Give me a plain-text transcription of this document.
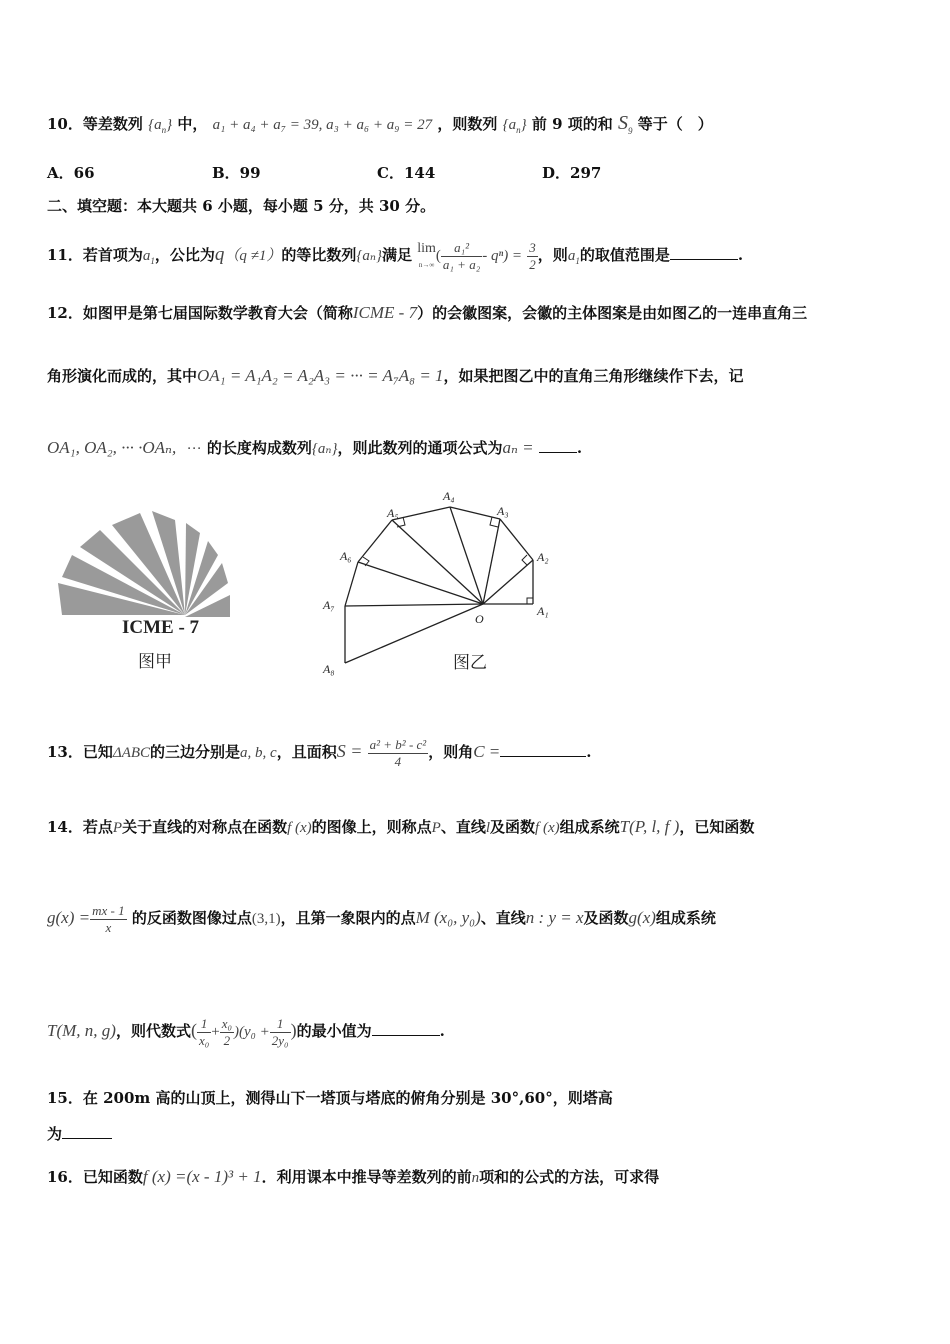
10．等差数列 $\{a_n\}$ 中， a₁ + a₄ + a₇ = 39, a₃ + a₆ + a₉ = 27 ，则数列 $\{a_n\}$ 前 9 项的和 $S_9$ 等于（　）
A．66	B．99	C．144	D．297
二、填空题：本大题共 6 小题，每小题 5 分，共 30 分。
11．若首项为$a_1$，公比为q（q ≠1）的等比数列{aₙ}满足 lim
$n\to\infty( \frac{\text{a₁²}}{\text{a₁ + a₂}} - q^n) = \frac{3}{2}$ ，则$a_1$的取值范围是	.
12．如图甲是第七届国际数学教育大会（简称ICME - 7）的会徽图案，会徽的主体图案是由如图乙的一连串直角三
角形演化而成的，其中OA₁ = A₁A₂ = A₂A₃ = ··· = A₇A₈ = 1，如果把图乙中的直角三角形继续作下去，记
OA₁, OA₂, ··· ·OAₙ, ··· 的长度构成数列{aₙ}，则此数列的通项公式为aₙ =	.
ICME - 7
图甲
A₁
A₂
A₃
A₄
A₅
A₆
A₇
A₈
O
图乙
13．已知ΔABC的三边分别是a, b, c，且面积$S = \frac{\text{a² + b² - c²}}{4}$ ，则角C =	.
14．若点P关于直线的对称点在函数f (x)的图像上，则称点P、直线l及函数f (x)组成系统T(P, l, f )，已知函数
$g(x) = \frac{mx - 1}{x}$ 的反函数图像过点(3,1)，且第一象限内的点M (x₀, y₀)、直线n : y = x及函数g(x)组成系统
T(M, n, g)，则代数式( $\frac{1}{\text{x₀}} + \frac{\text{x₀}}{2} )(y_0 + \frac{1}{\text{2y₀}}$ )的最小值为	.
15．在 200m 高的山顶上，测得山下一塔顶与塔底的俯角分别是 30°,60°，则塔高
为
16．已知函数f (x) =(x - 1)³ + 1．利用课本中推导等差数列的前n项和的公式的方法，可求得
